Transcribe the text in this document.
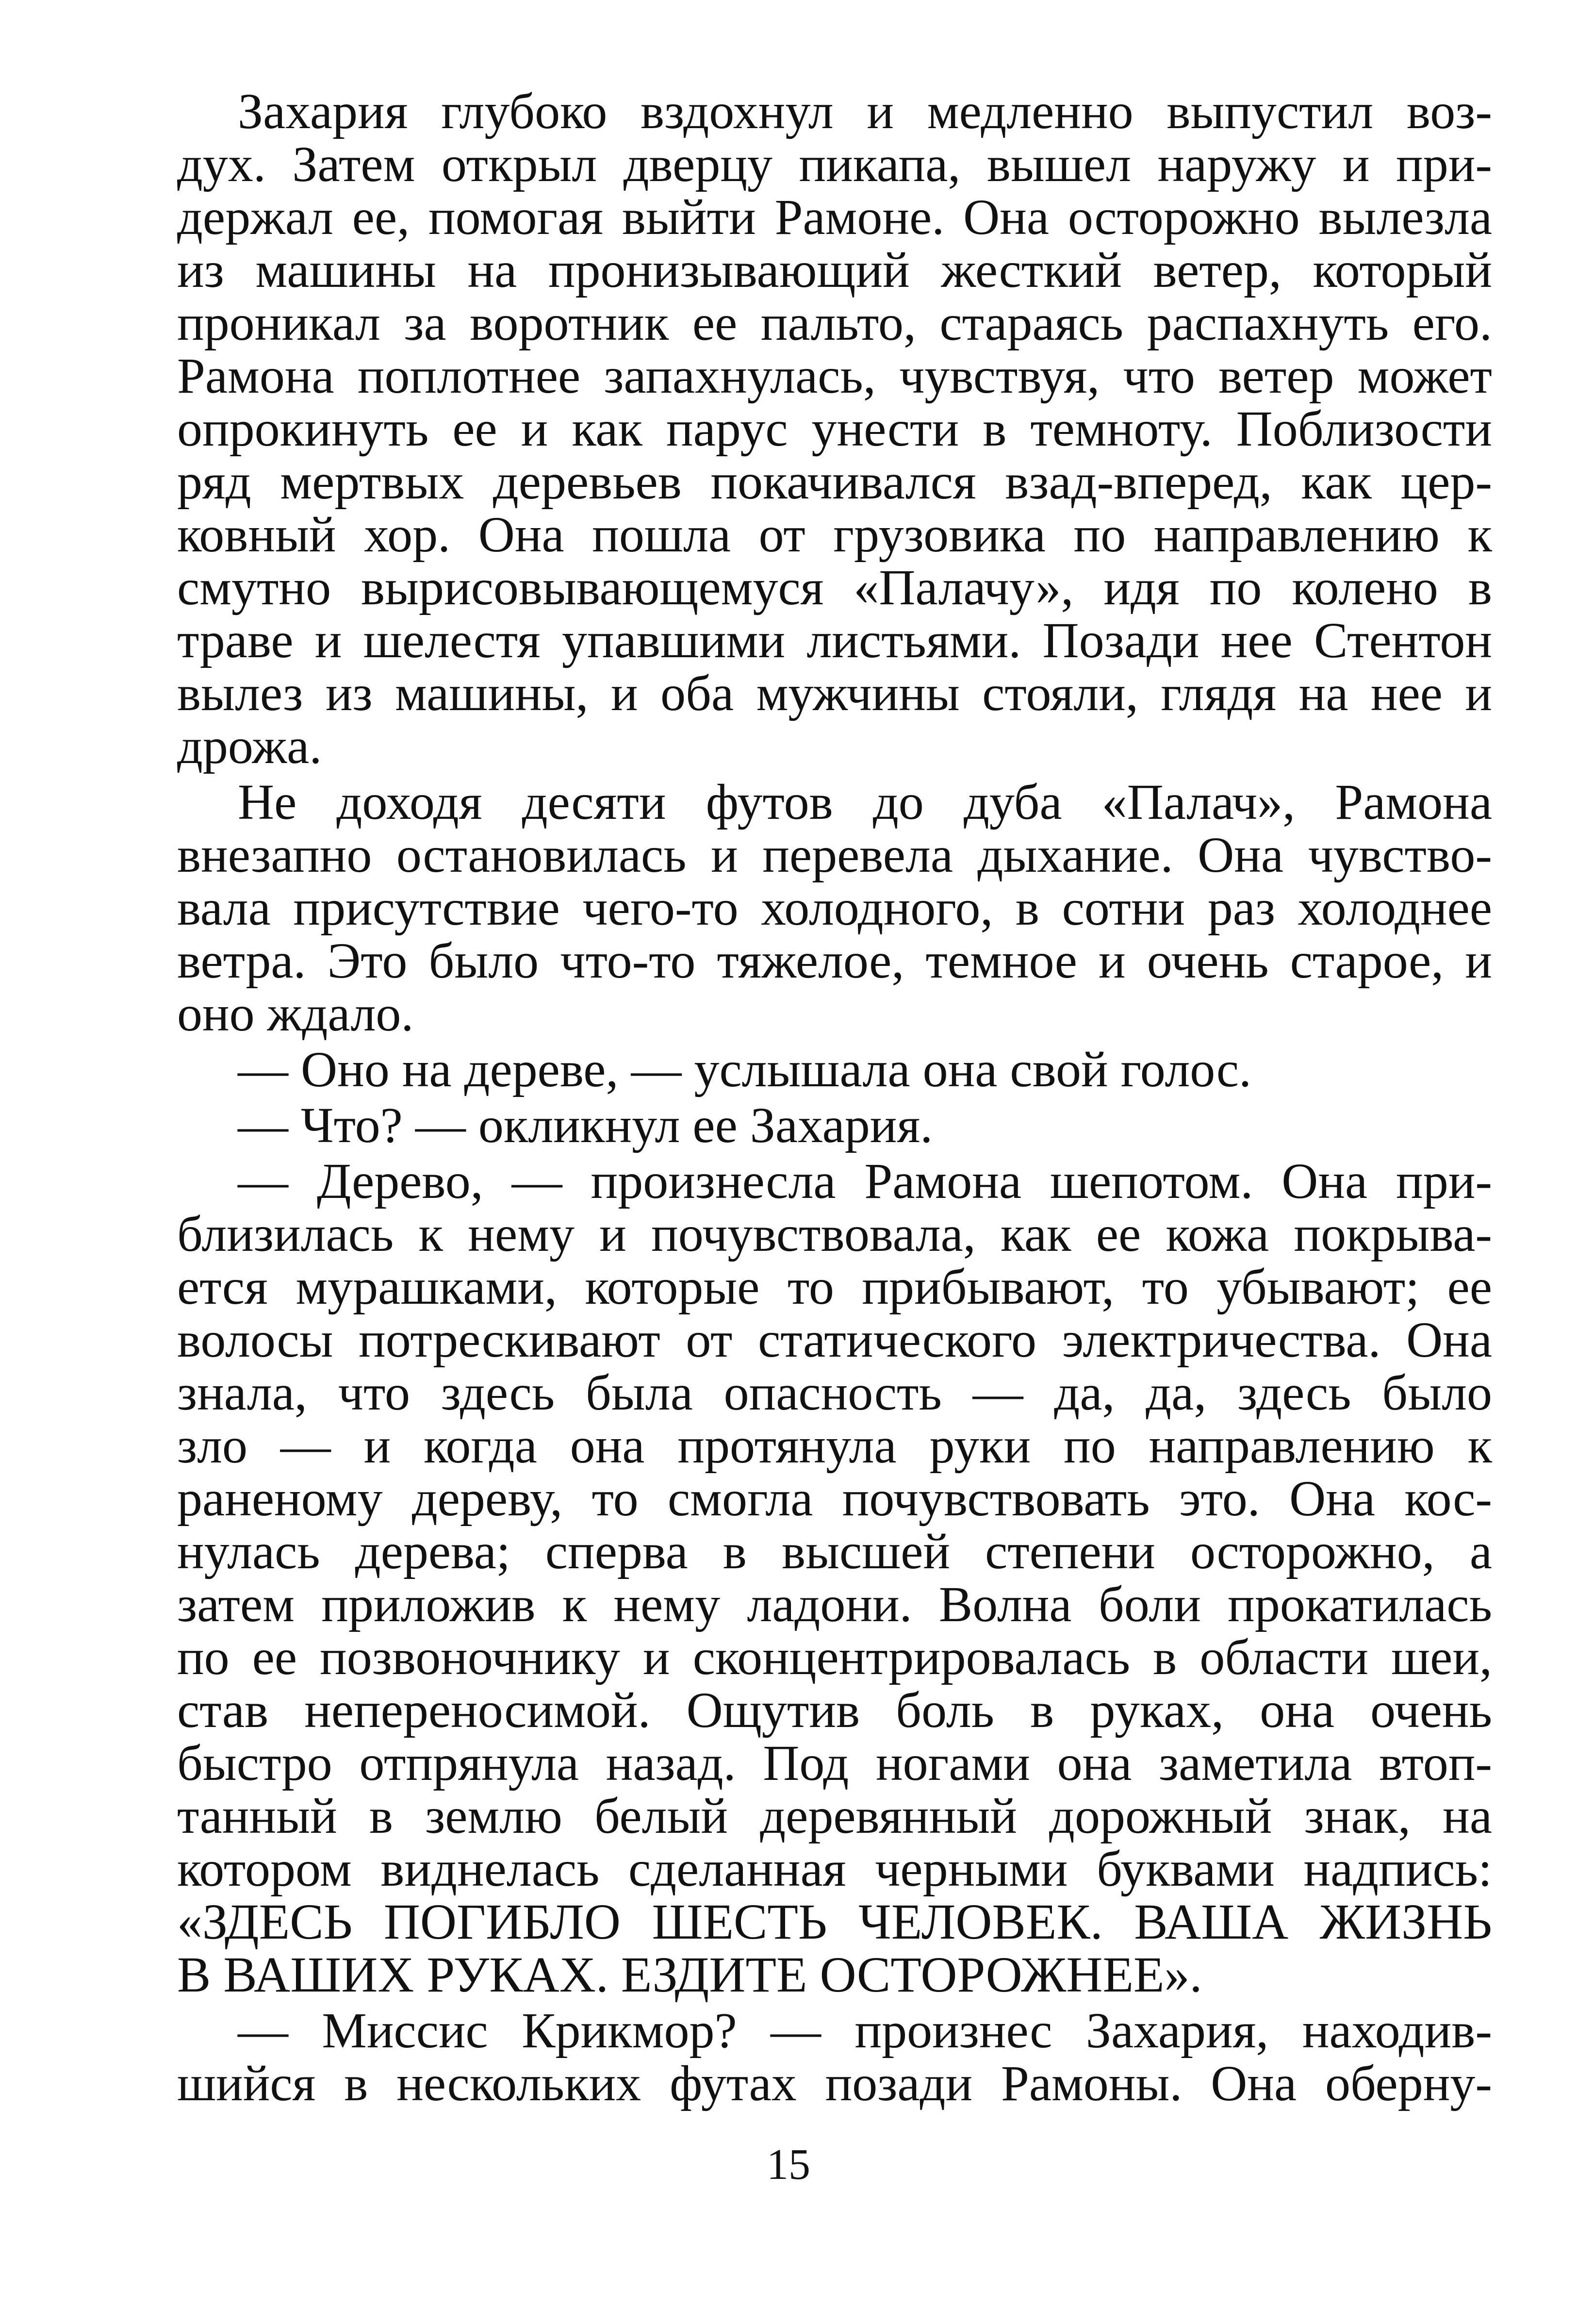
Захария глубоко вздохнул и медленно выпустил воз-
дух. Затем открыл дверцу пикапа, вышел наружу и при-
держал ее, помогая выйти Рамоне. Она осторожно вылезла
из машины на пронизывающий жесткий ветер, который
проникал за воротник ее пальто, стараясь распахнуть его.
Рамона поплотнее запахнулась, чувствуя, что ветер может
опрокинуть ее и как парус унести в темноту. Поблизости
ряд мертвых деревьев покачивался взад-вперед, как цер-
ковный хор. Она пошла от грузовика по направлению к
смутно вырисовывающемуся «Палачу», идя по колено в
траве и шелестя упавшими листьями. Позади нее Стентон
вылез из машины, и оба мужчины стояли, глядя на нее и
дрожа.
Не доходя десяти футов до дуба «Палач», Рамона
внезапно остановилась и перевела дыхание. Она чувство-
вала присутствие чего-то холодного, в сотни раз холоднее
ветра. Это было что-то тяжелое, темное и очень старое, и
оно ждало.
— Оно на дереве, — услышала она свой голос.
— Что? — окликнул ее Захария.
— Дерево, — произнесла Рамона шепотом. Она при-
близилась к нему и почувствовала, как ее кожа покрыва-
ется мурашками, которые то прибывают, то убывают; ее
волосы потрескивают от статического электричества. Она
знала, что здесь была опасность — да, да, здесь было
зло — и когда она протянула руки по направлению к
раненому дереву, то смогла почувствовать это. Она кос-
нулась дерева; сперва в высшей степени осторожно, а
затем приложив к нему ладони. Волна боли прокатилась
по ее позвоночнику и сконцентрировалась в области шеи,
став непереносимой. Ощутив боль в руках, она очень
быстро отпрянула назад. Под ногами она заметила втоп-
танный в землю белый деревянный дорожный знак, на
котором виднелась сделанная черными буквами надпись:
«ЗДЕСЬ ПОГИБЛО ШЕСТЬ ЧЕЛОВЕК. ВАША ЖИЗНЬ
В ВАШИХ РУКАХ. ЕЗДИТЕ ОСТОРОЖНЕЕ».
— Миссис Крикмор? — произнес Захария, находив-
шийся в нескольких футах позади Рамоны. Она оберну-
15
